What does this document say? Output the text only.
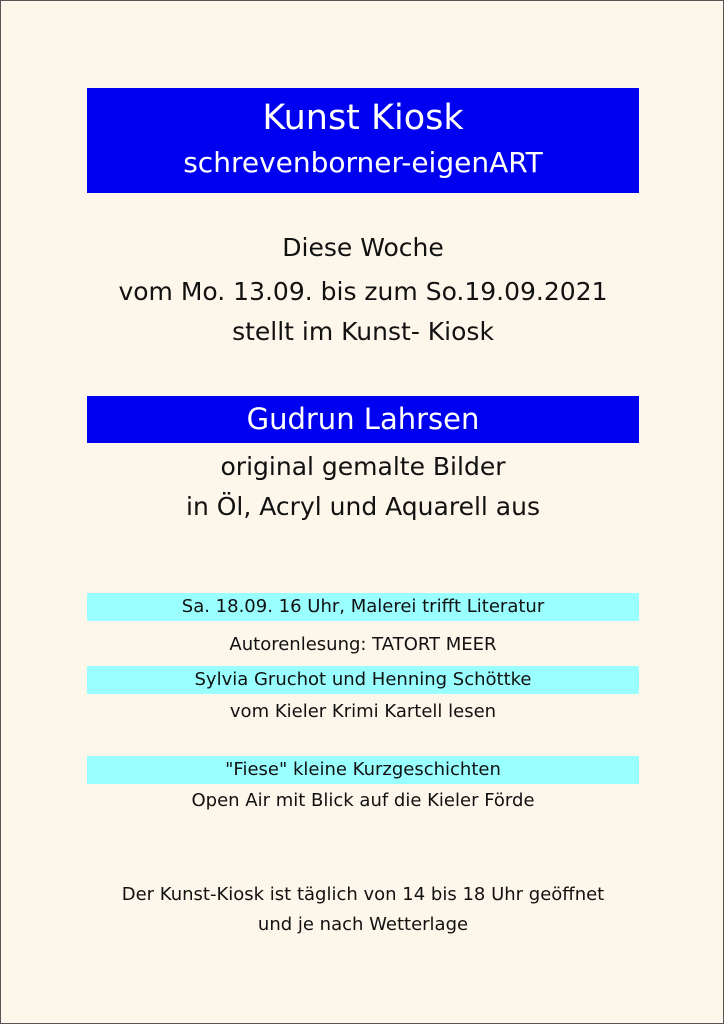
Kunst Kiosk
schrevenborner-eigenART
Diese Woche
vom Mo. 13.09. bis zum So.19.09.2021
stellt im Kunst- Kiosk
Gudrun Lahrsen
original gemalte Bilder
in Öl, Acryl und Aquarell aus
Sa. 18.09. 16 Uhr, Malerei trifft Literatur
Autorenlesung: TATORT MEER
Sylvia Gruchot und Henning Schöttke
vom Kieler Krimi Kartell lesen
"Fiese" kleine Kurzgeschichten
Open Air mit Blick auf die Kieler Förde
Der Kunst-Kiosk ist täglich von 14 bis 18 Uhr geöffnet
und je nach Wetterlage
